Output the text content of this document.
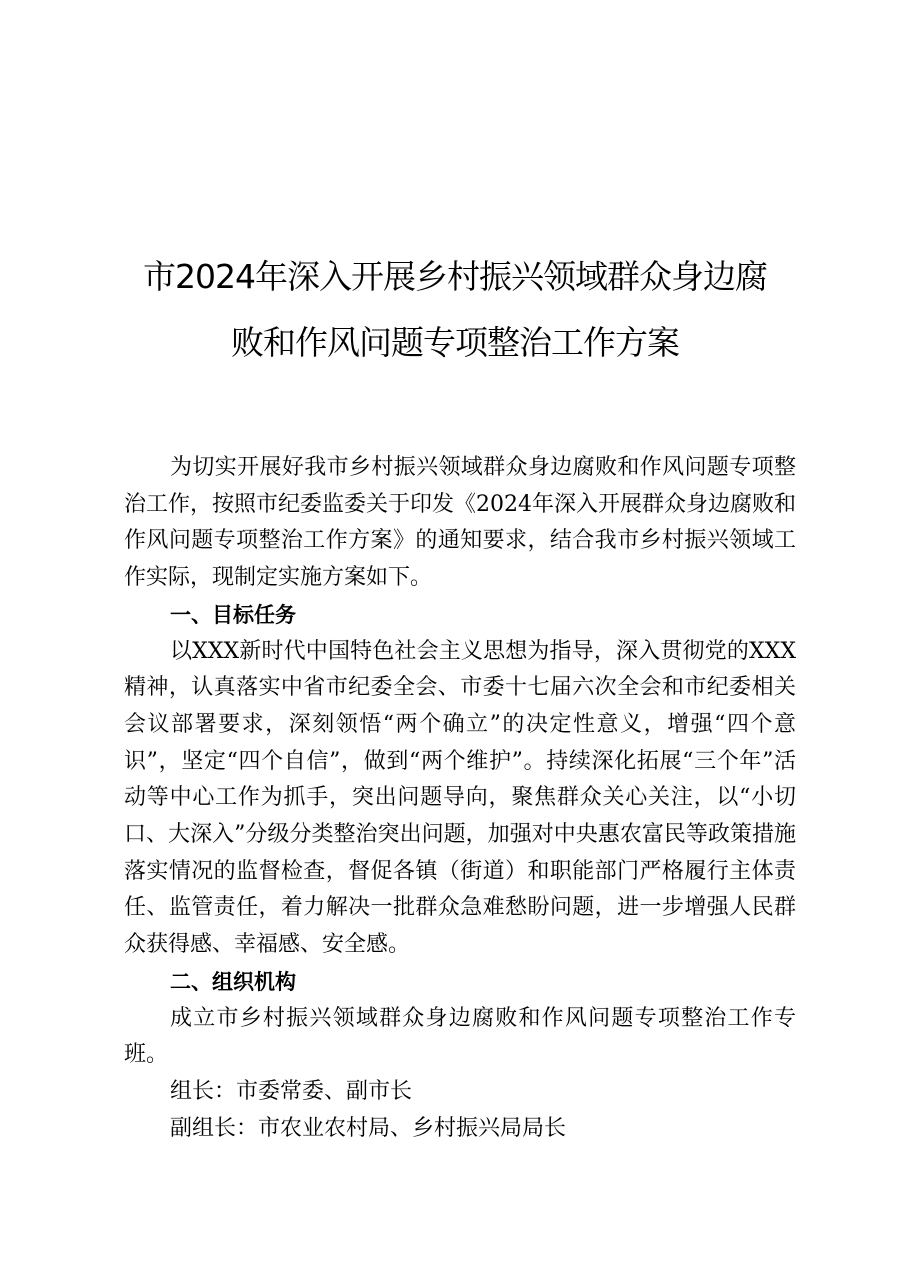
市2024年深入开展乡村振兴领域群众身边腐
败和作风问题专项整治工作方案

为切实开展好我市乡村振兴领域群众身边腐败和作风问题专项整治工作，按照市纪委监委关于印发《2024年深入开展群众身边腐败和作风问题专项整治工作方案》的通知要求，结合我市乡村振兴领域工作实际，现制定实施方案如下。

一、目标任务

以XXX新时代中国特色社会主义思想为指导，深入贯彻党的XXX精神，认真落实中省市纪委全会、市委十七届六次全会和市纪委相关会议部署要求，深刻领悟“两个确立”的决定性意义，增强“四个意识”，坚定“四个自信”，做到“两个维护”。持续深化拓展“三个年”活动等中心工作为抓手，突出问题导向，聚焦群众关心关注，以“小切口、大深入”分级分类整治突出问题，加强对中央惠农富民等政策措施落实情况的监督检查，督促各镇（街道）和职能部门严格履行主体责任、监管责任，着力解决一批群众急难愁盼问题，进一步增强人民群众获得感、幸福感、安全感。

二、组织机构

成立市乡村振兴领域群众身边腐败和作风问题专项整治工作专班。

组长：市委常委、副市长

副组长：市农业农村局、乡村振兴局局长
